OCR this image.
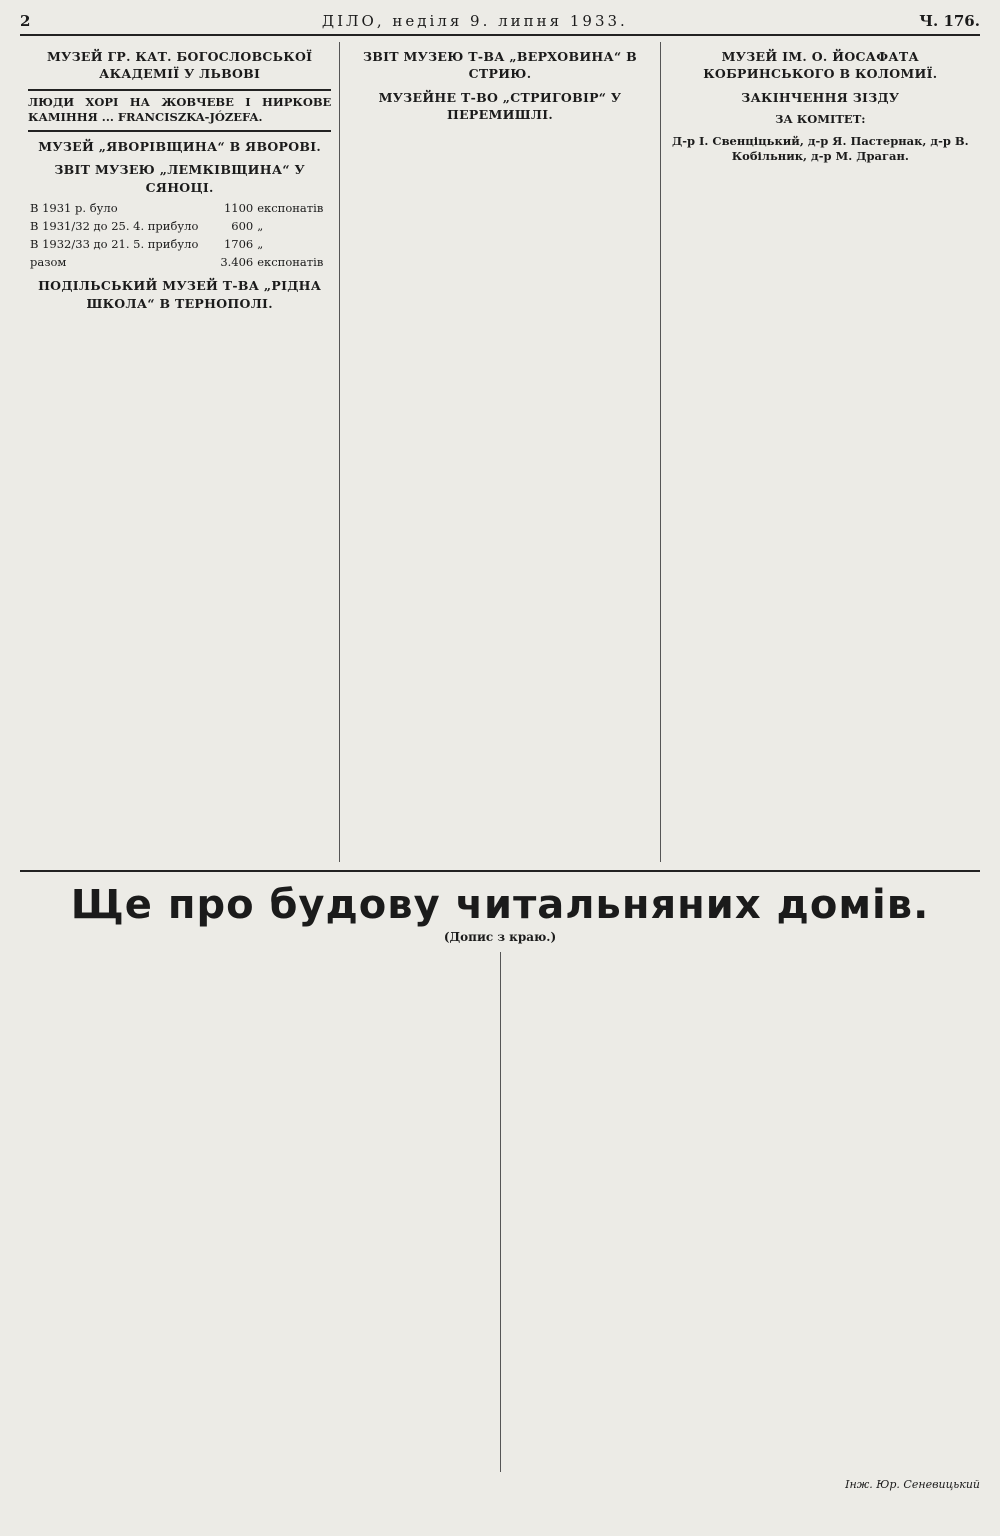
2	ДІЛО, неділя 9. липня 1933.	Ч. 176.
МУЗЕЙ ГР. КАТ. БОГОСЛОВСЬКОЇ АКАДЕМІЇ У ЛЬВОВІ
ЛЮДИ ХОРІ НА ЖОВЧЕВЕ І НИРКОВЕ КАМІННЯ ... FRANCISZKA-JÓZEFA.
МУЗЕЙ „ЯВОРІВЩИНА“ В ЯВОРОВІ.
ЗВІТ МУЗЕЮ „ЛЕМКІВЩИНА“ У СЯНОЦІ.
В 1931 р. було	1100	експонатів
В 1931/32 до 25. 4. прибуло	600	„
В 1932/33 до 21. 5. прибуло	1706	„
разом	3.406	експонатів
ПОДІЛЬСЬКИЙ МУЗЕЙ Т-ВА „РІДНА ШКОЛА“ В ТЕРНОПОЛІ.
ЗВІТ МУЗЕЮ Т-ВА „ВЕРХОВИНА“ В СТРИЮ.
МУЗЕЙНЕ Т-ВО „СТРИГОВІР“ У ПЕРЕМИШЛІ.
МУЗЕЙ ІМ. О. ЙОСАФАТА КОБРИНСЬКОГО В КОЛОМИЇ.
ЗАКІНЧЕННЯ ЗІЗДУ
ЗА КОМІТЕТ:
Д-р І. Свенціцький, д-р Я. Пастернак, д-р В. Кобільник, д-р М. Драган.
Ще про будову читальняних домів.
(Допис з краю.)
Інж. Юр. Сеневицький
